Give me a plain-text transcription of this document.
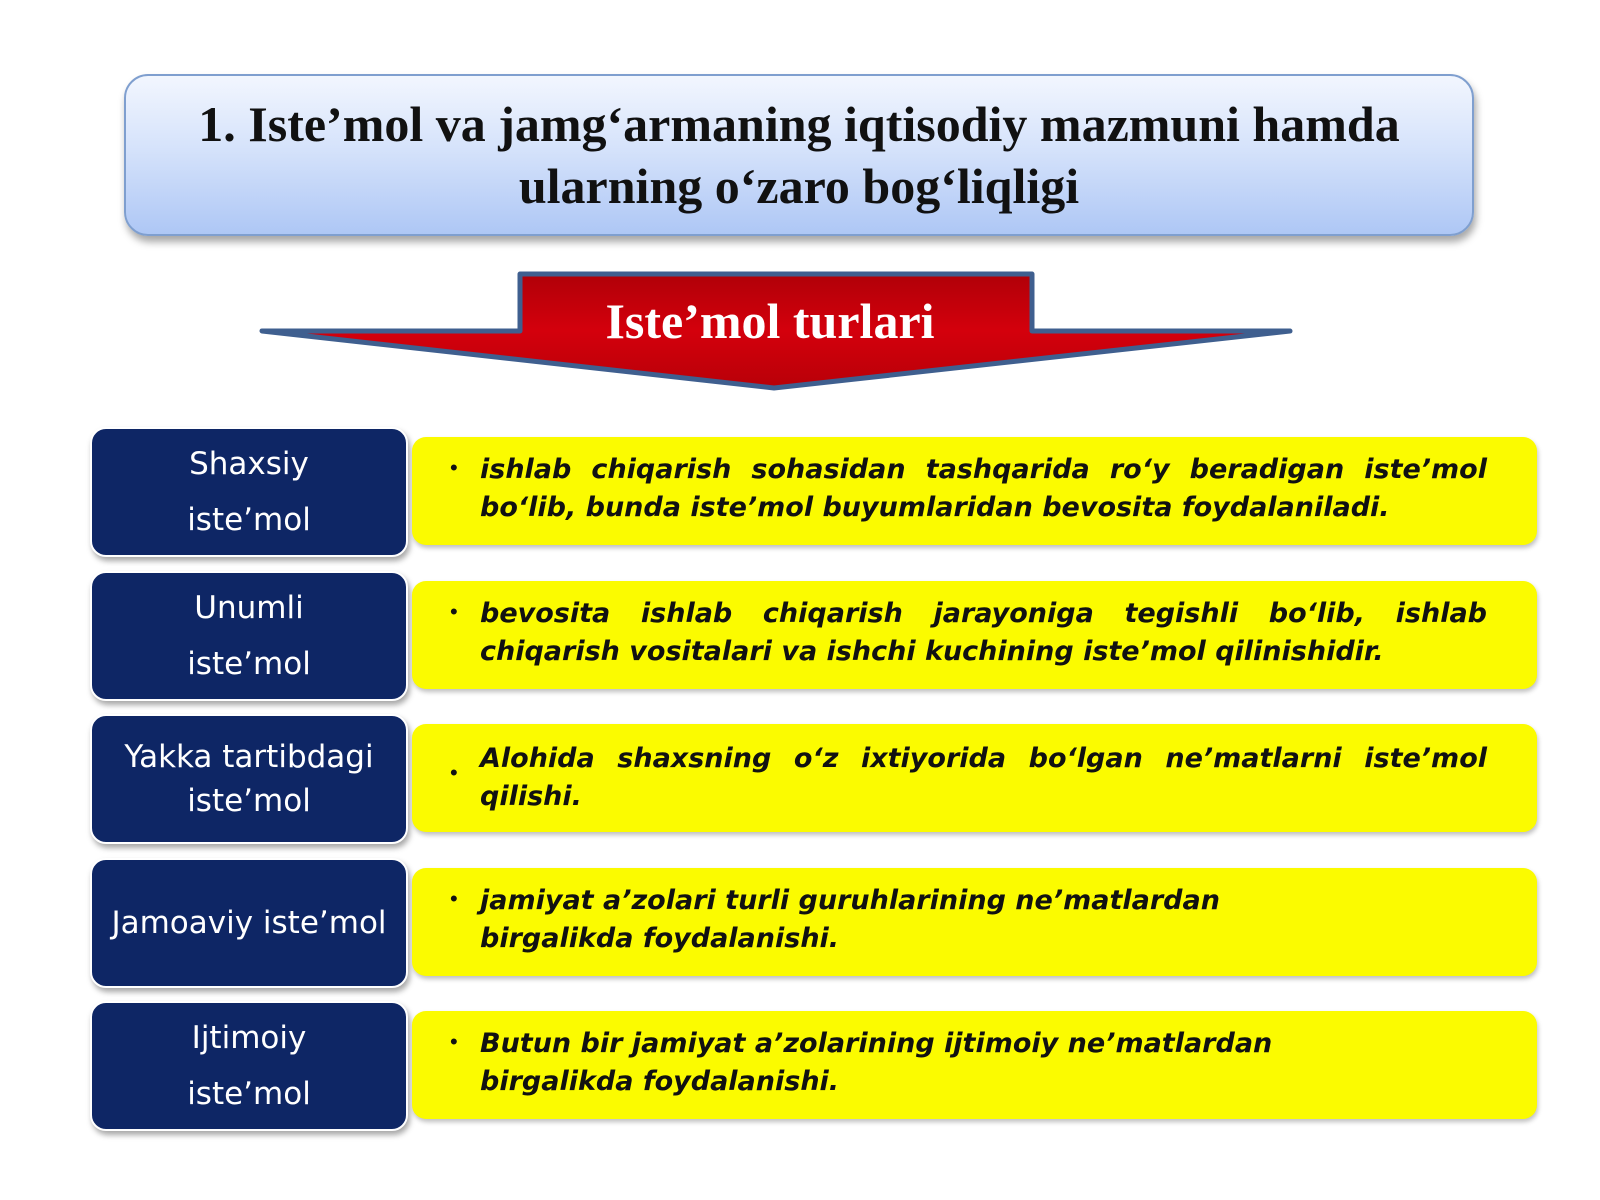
1. Iste’mol va jamg‘armaning iqtisodiy mazmuni hamda ularning o‘zaro bog‘liqligi
Iste’mol turlari
Shaxsiy
iste’mol
• ishlab chiqarish sohasidan tashqarida ro‘y beradigan iste’mol bo‘lib, bunda iste’mol buyumlaridan bevosita foydalaniladi.
Unumli
iste’mol
• bevosita ishlab chiqarish jarayoniga tegishli bo‘lib, ishlab chiqarish vositalari va ishchi kuchining iste’mol qilinishidir.
Yakka tartibdagi iste’mol
• Alohida shaxsning o‘z ixtiyorida bo‘lgan ne’matlarni iste’mol qilishi.
Jamoaviy iste’mol
• jamiyat a’zolari turli guruhlarining ne’matlardan birgalikda foydalanishi.
Ijtimoiy
iste’mol
• Butun bir jamiyat a’zolarining ijtimoiy ne’matlardan birgalikda foydalanishi.
